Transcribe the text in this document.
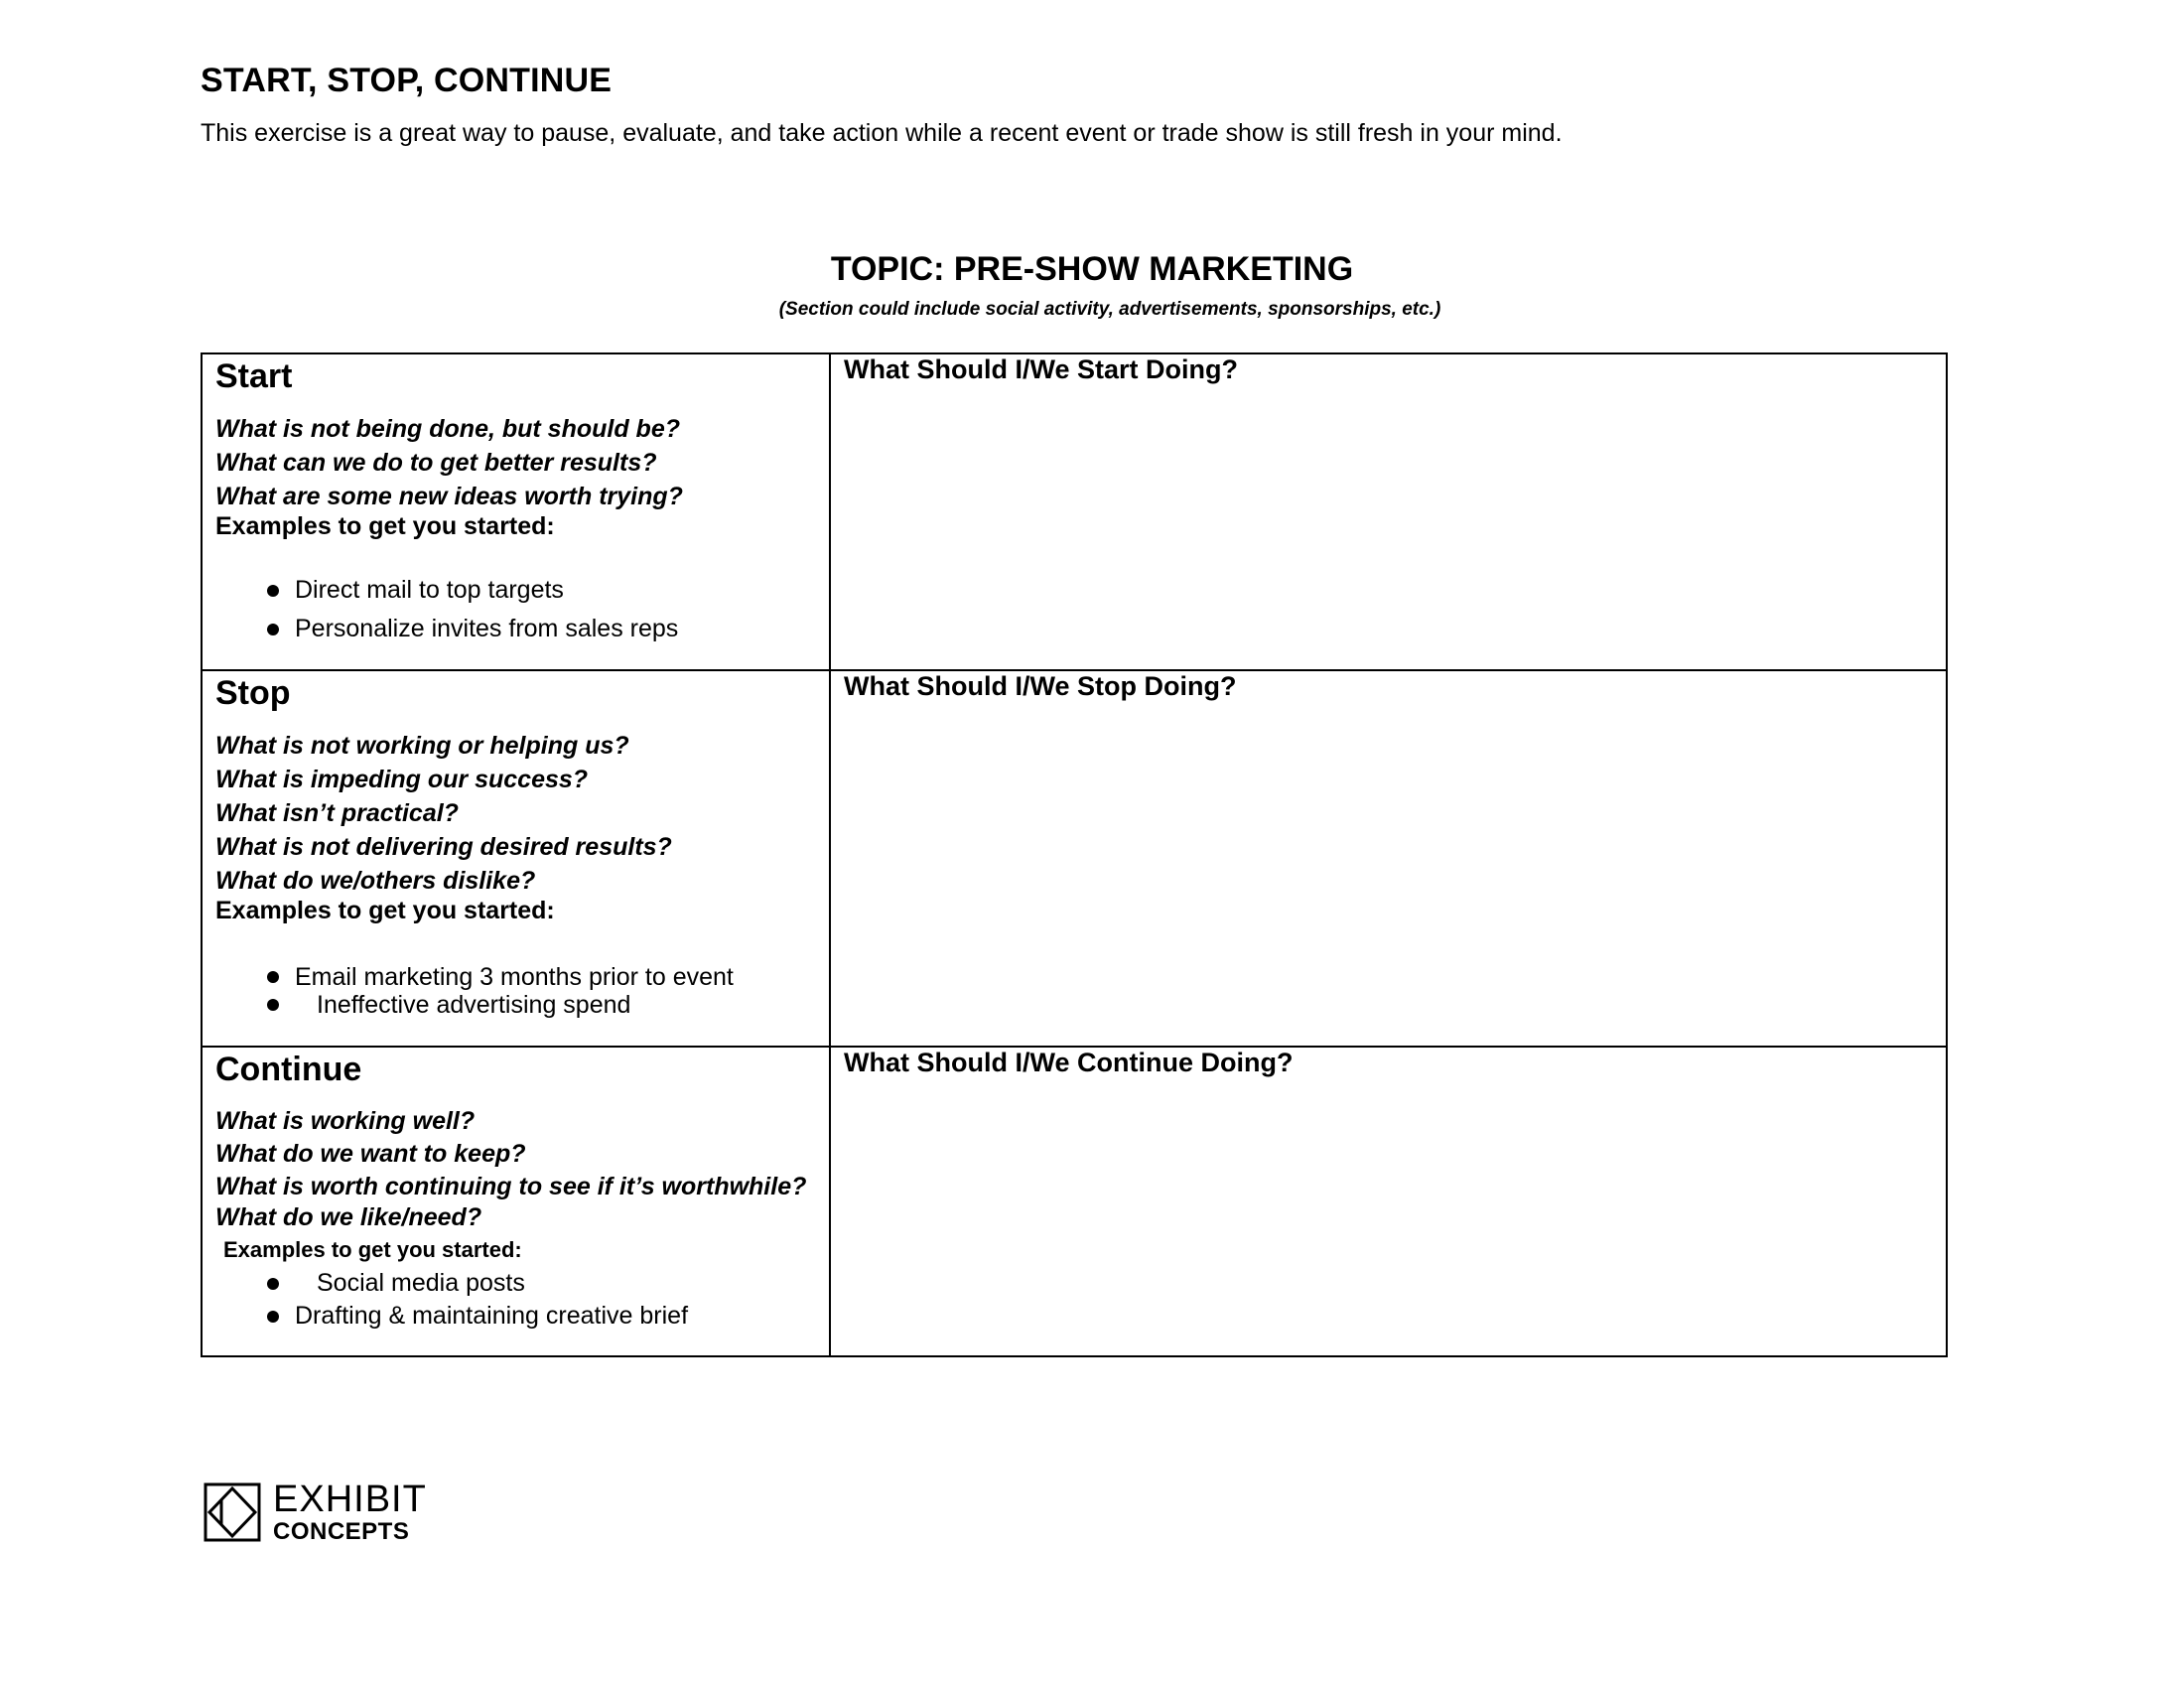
START, STOP, CONTINUE
This exercise is a great way to pause, evaluate, and take action while a recent event or trade show is still fresh in your mind.
TOPIC: PRE-SHOW MARKETING
(Section could include social activity, advertisements, sponsorships, etc.)
Start
What is not being done, but should be?
What can we do to get better results?
What are some new ideas worth trying?
Examples to get you started:
Direct mail to top targets
Personalize invites from sales reps
What Should I/We Start Doing?
Stop
What is not working or helping us?
What is impeding our success?
What isn’t practical?
What is not delivering desired results?
What do we/others dislike?
Examples to get you started:
Email marketing 3 months prior to event
Ineffective advertising spend
What Should I/We Stop Doing?
Continue
What is working well?
What do we want to keep?
What is worth continuing to see if it’s worthwhile?
What do we like/need?
Examples to get you started:
Social media posts
Drafting & maintaining creative brief
What Should I/We Continue Doing?
EXHIBIT
CONCEPTS
